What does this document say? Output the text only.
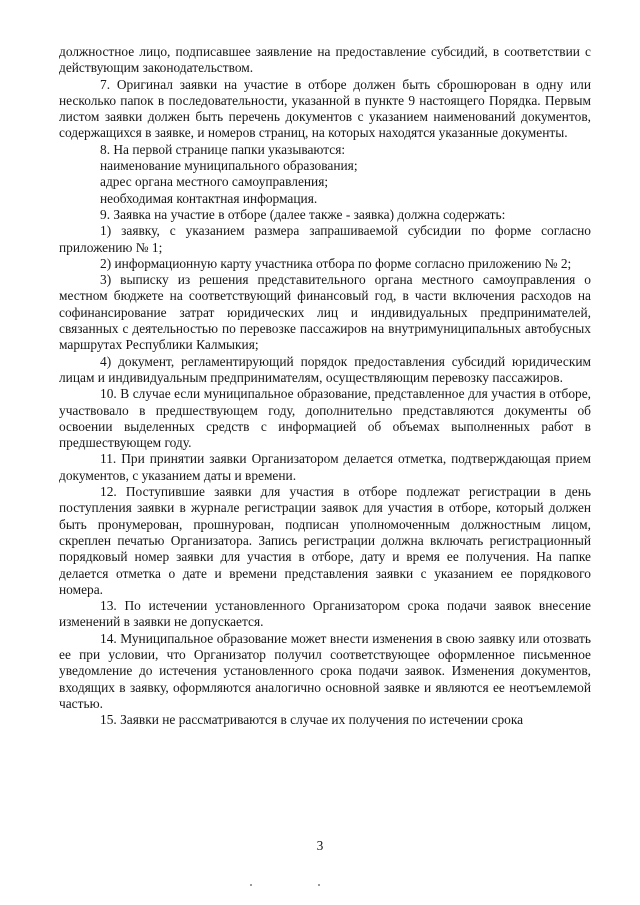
должностное лицо, подписавшее заявление на предоставление субсидий, в соответствии с действующим законодательством.

7. Оригинал заявки на участие в отборе должен быть сброшюрован в одну или несколько папок в последовательности, указанной в пункте 9 настоящего Порядка. Первым листом заявки должен быть перечень документов с указанием наименований документов, содержащихся в заявке, и номеров страниц, на которых находятся указанные документы.

8. На первой странице папки указываются:

наименование муниципального образования;

адрес органа местного самоуправления;

необходимая контактная информация.

9. Заявка на участие в отборе (далее также - заявка) должна содержать:

1) заявку, с указанием размера запрашиваемой субсидии по форме согласно приложению № 1;

2) информационную карту участника отбора по форме согласно приложению № 2;

3) выписку из решения представительного органа местного самоуправления о местном бюджете на соответствующий финансовый год, в части включения расходов на софинансирование затрат юридических лиц и индивидуальных предпринимателей, связанных с деятельностью по перевозке пассажиров на внутримуниципальных автобусных маршрутах Республики Калмыкия;

4) документ, регламентирующий порядок предоставления субсидий юридическим лицам и индивидуальным предпринимателям, осуществляющим перевозку пассажиров.

10. В случае если муниципальное образование, представленное для участия в отборе, участвовало в предшествующем году, дополнительно представляются документы об освоении выделенных средств с информацией об объемах выполненных работ в предшествующем году.

11. При принятии заявки Организатором делается отметка, подтверждающая прием документов, с указанием даты и времени.

12. Поступившие заявки для участия в отборе подлежат регистрации в день поступления заявки в журнале регистрации заявок для участия в отборе, который должен быть пронумерован, прошнурован, подписан уполномоченным должностным лицом, скреплен печатью Организатора. Запись регистрации должна включать регистрационный порядковый номер заявки для участия в отборе, дату и время ее получения. На папке делается отметка о дате и времени представления заявки с указанием ее порядкового номера.

13. По истечении установленного Организатором срока подачи заявок внесение изменений в заявки не допускается.

14. Муниципальное образование может внести изменения в свою заявку или отозвать ее при условии, что Организатор получил соответствующее оформленное письменное уведомление до истечения установленного срока подачи заявок. Изменения документов, входящих в заявку, оформляются аналогично основной заявке и являются ее неотъемлемой частью.

15. Заявки не рассматриваются в случае их получения по истечении срока

3
